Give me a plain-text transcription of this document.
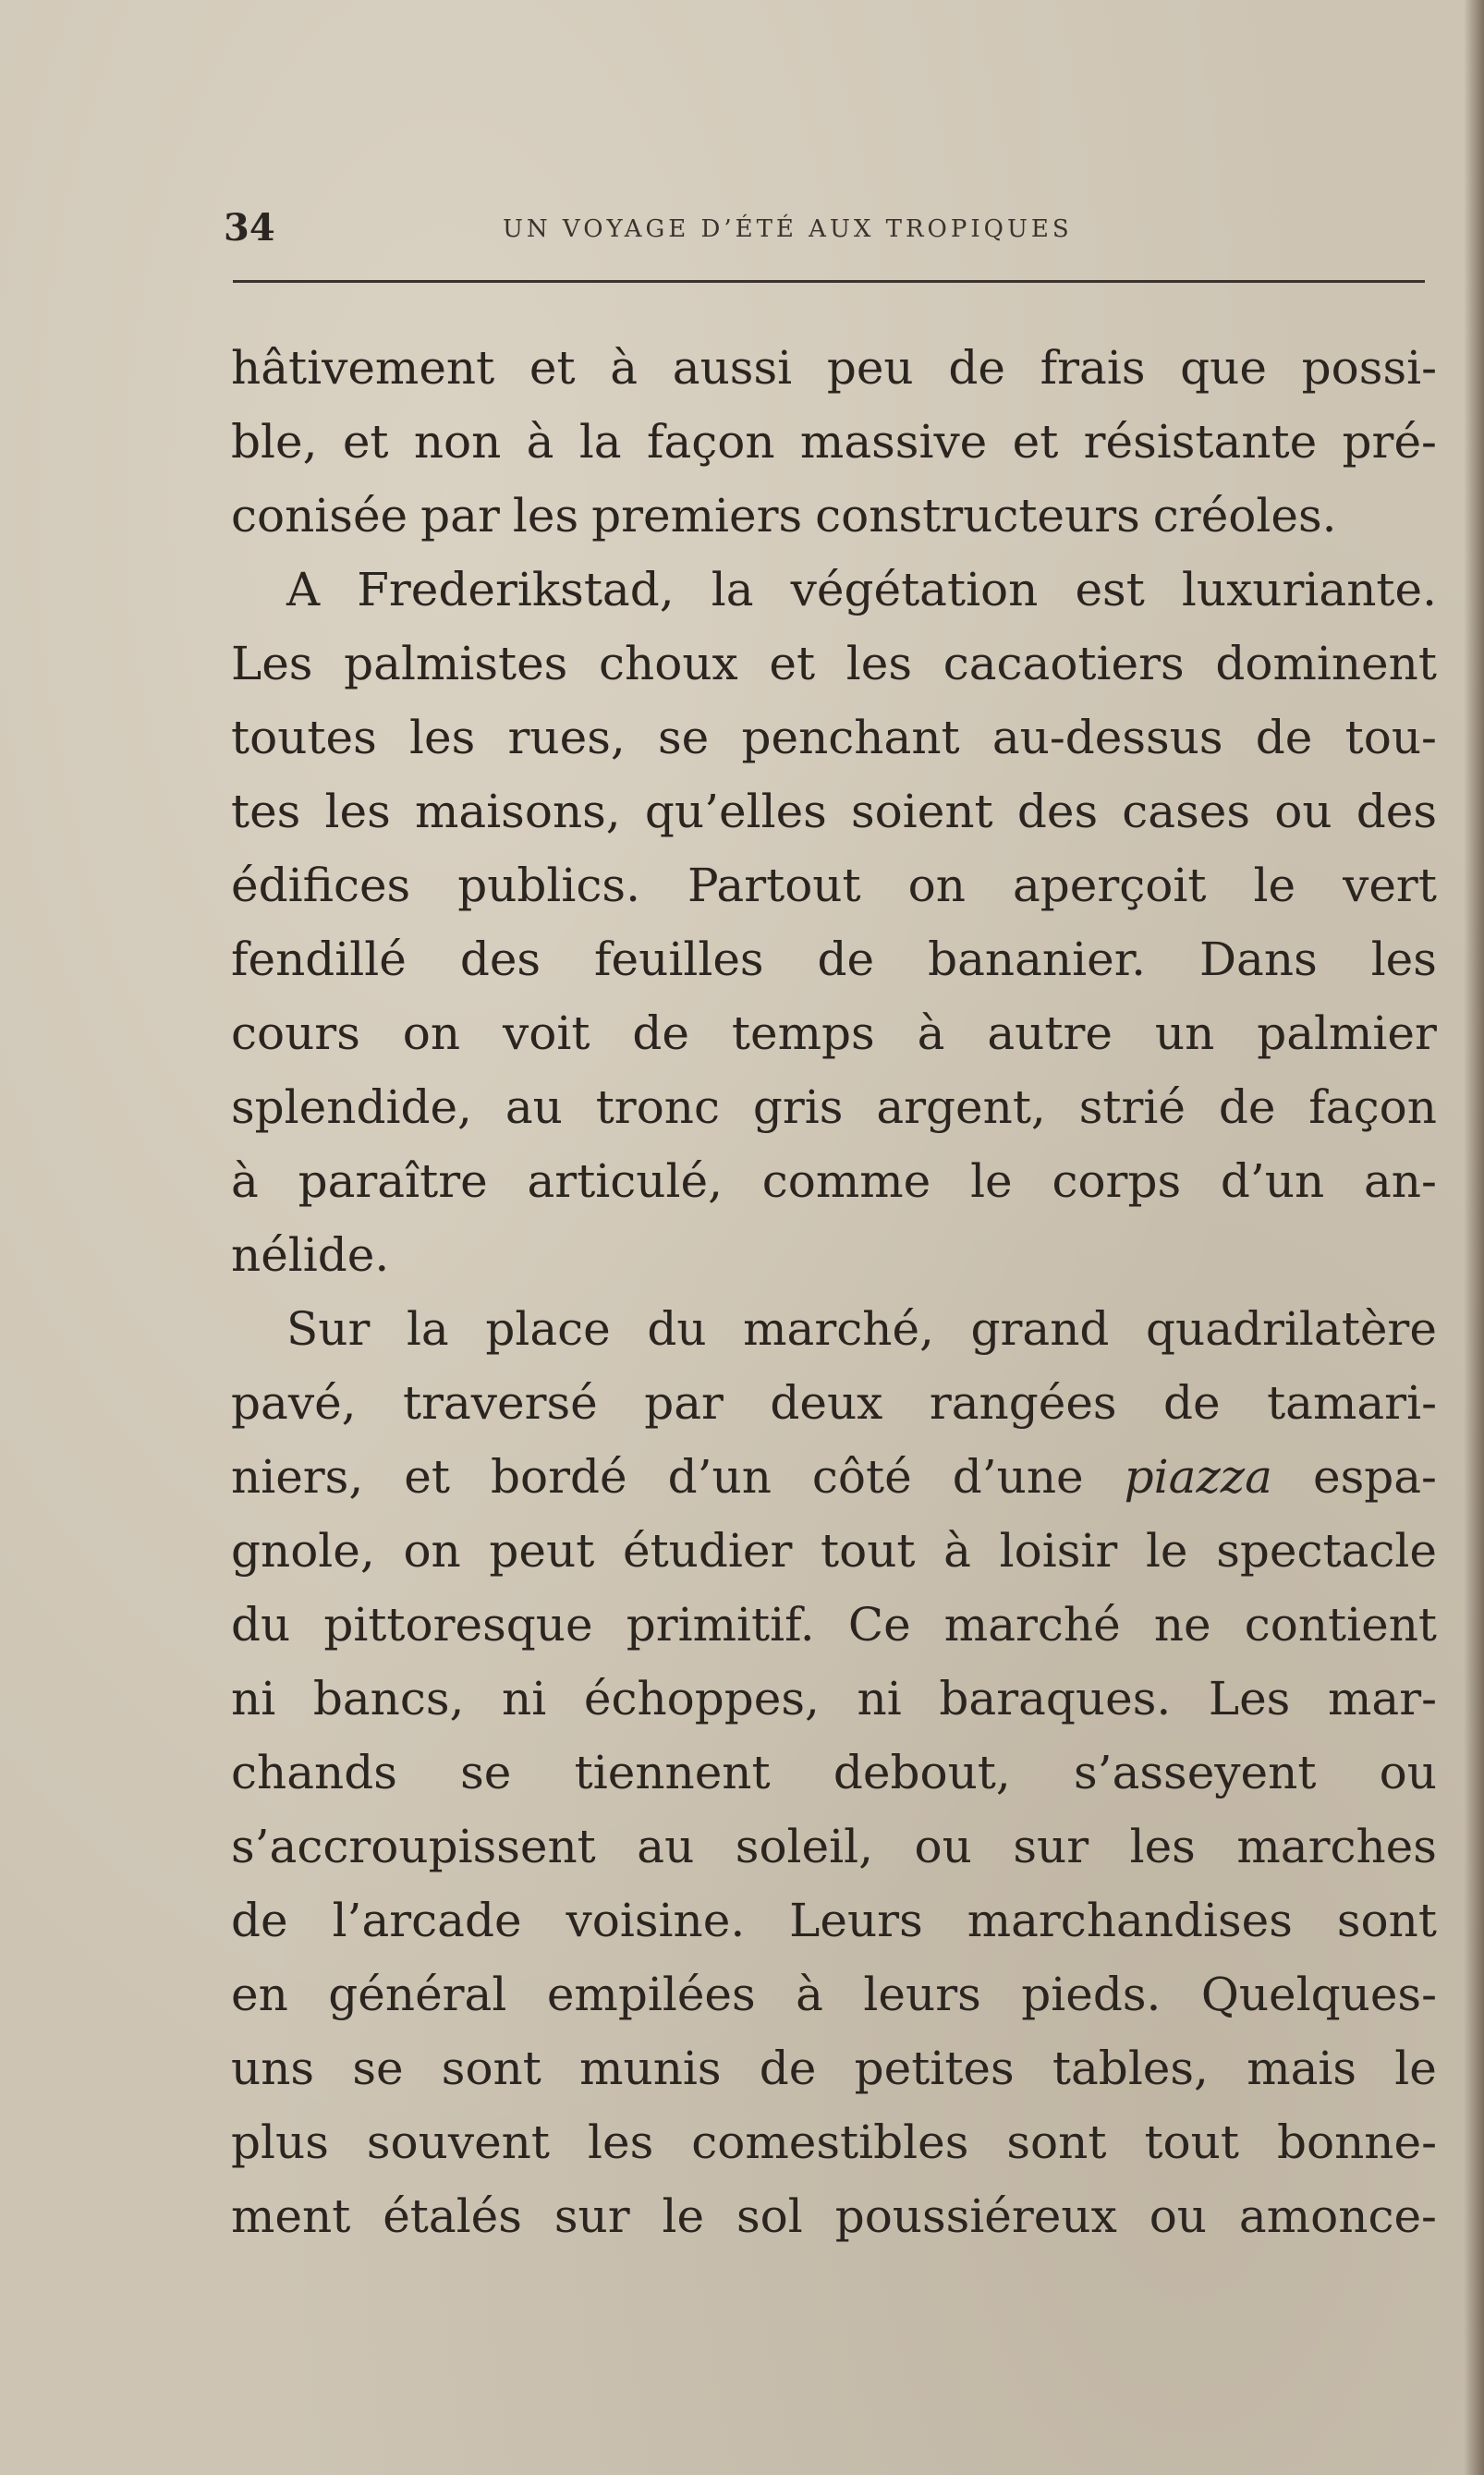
34	UN VOYAGE D’ÉTÉ AUX TROPIQUES
hâtivement et à aussi peu de frais que possi-
ble, et non à la façon massive et résistante pré-
conisée par les premiers constructeurs créoles.
A Frederikstad, la végétation est luxuriante.
Les palmistes choux et les cacaotiers dominent
toutes les rues, se penchant au-dessus de tou-
tes les maisons, qu’elles soient des cases ou des
édifices publics. Partout on aperçoit le vert
fendillé des feuilles de bananier. Dans les
cours on voit de temps à autre un palmier
splendide, au tronc gris argent, strié de façon
à paraître articulé, comme le corps d’un an-
nélide.
Sur la place du marché, grand quadrilatère
pavé, traversé par deux rangées de tamari-
niers, et bordé d’un côté d’une piazza espa-
gnole, on peut étudier tout à loisir le spectacle
du pittoresque primitif. Ce marché ne contient
ni bancs, ni échoppes, ni baraques. Les mar-
chands se tiennent debout, s’asseyent ou
s’accroupissent au soleil, ou sur les marches
de l’arcade voisine. Leurs marchandises sont
en général empilées à leurs pieds. Quelques-
uns se sont munis de petites tables, mais le
plus souvent les comestibles sont tout bonne-
ment étalés sur le sol poussiéreux ou amonce-
